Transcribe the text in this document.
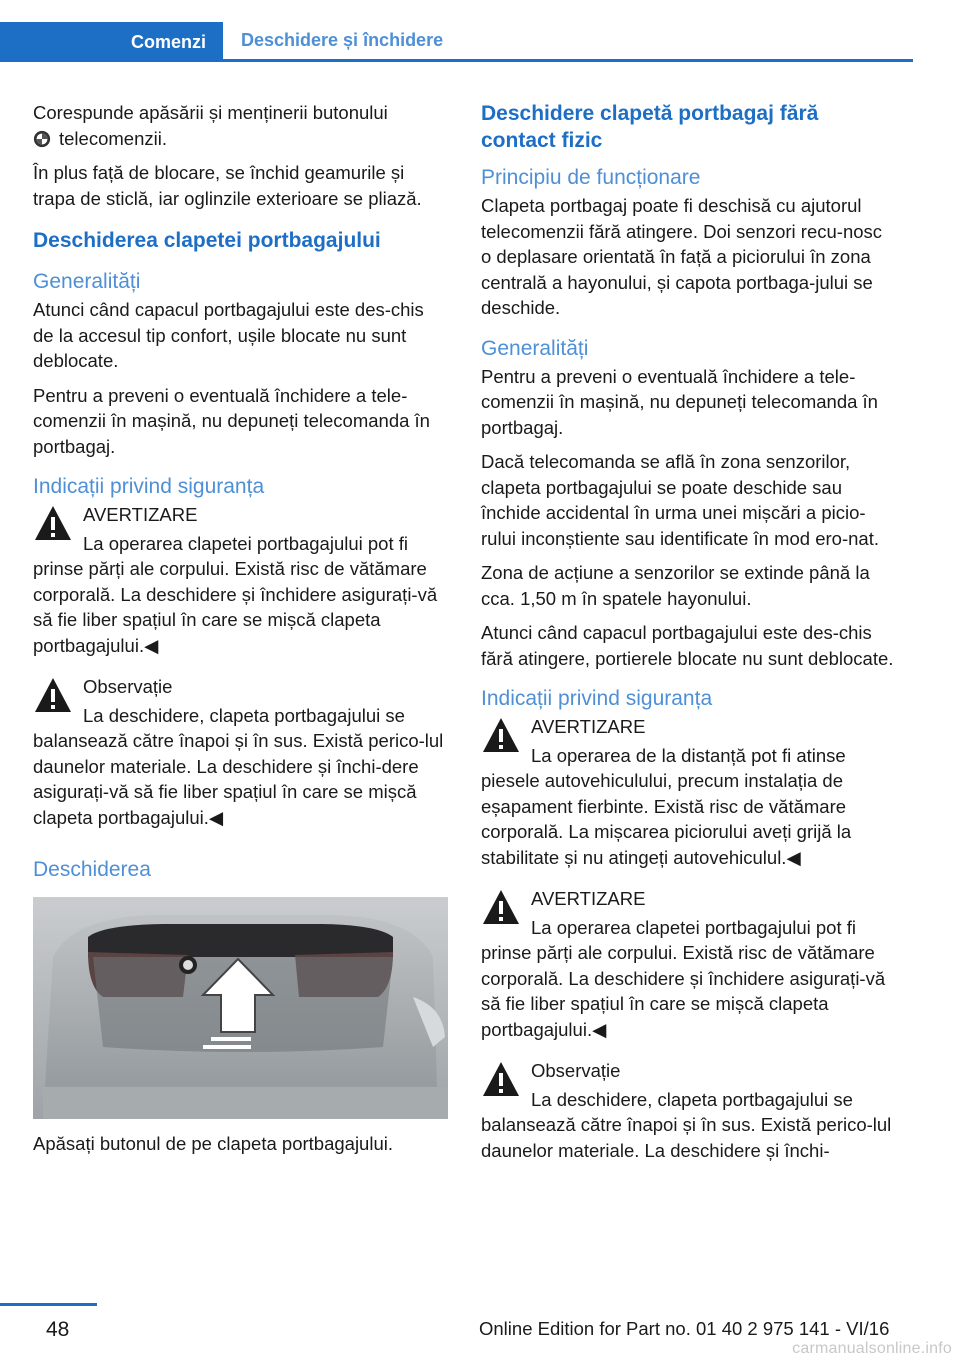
Comenzi	Deschidere și închidere

Corespunde apăsării și menținerii butonului
telecomenzii.

În plus față de blocare, se închid geamurile și trapa de sticlă, iar oglinzile exterioare se pliază.

Deschiderea clapetei portbagajului
Generalități

Atunci când capacul portbagajului este des‐chis de la accesul tip confort, ușile blocate nu sunt deblocate.

Pentru a preveni o eventuală închidere a tele‐comenzii în mașină, nu depuneți telecomanda în portbagaj.

Indicații privind siguranța

AVERTIZARE

La operarea clapetei portbagajului pot fi

prinse părți ale corpului. Există risc de vătămare corporală. La deschidere și închidere asigurați-vă să fie liber spațiul în care se mișcă clapeta portbagajului.◀

Observație

La deschidere, clapeta portbagajului se

balansează către înapoi și în sus. Există perico‐lul daunelor materiale. La deschidere și închi‐dere asigurați-vă să fie liber spațiul în care se mișcă clapeta portbagajului.◀

Deschiderea

Apăsați butonul de pe clapeta portbagajului.

Deschidere clapetă portbagaj fără contact fizic
Principiu de funcționare

Clapeta portbagaj poate fi deschisă cu ajutorul telecomenzii fără atingere. Doi senzori recu‐nosc o deplasare orientată în față a piciorului în zona centrală a hayonului, și capota portbaga‐jului se deschide.

Generalități

Pentru a preveni o eventuală închidere a tele‐comenzii în mașină, nu depuneți telecomanda în portbagaj.

Dacă telecomanda se află în zona senzorilor, clapeta portbagajului se poate deschide sau închide accidental în urma unei mișcări a picio‐rului inconștiente sau identificate în mod ero‐nat.

Zona de acțiune a senzorilor se extinde până la cca. 1,50 m în spatele hayonului.

Atunci când capacul portbagajului este des‐chis fără atingere, portierele blocate nu sunt deblocate.

Indicații privind siguranța

AVERTIZARE

La operarea de la distanță pot fi atinse

piesele autovehiculului, precum instalația de eșapament fierbinte. Există risc de vătămare corporală. La mișcarea piciorului aveți grijă la stabilitate și nu atingeți autovehiculul.◀

AVERTIZARE

La operarea clapetei portbagajului pot fi

prinse părți ale corpului. Există risc de vătămare corporală. La deschidere și închidere asigurați-vă să fie liber spațiul în care se mișcă clapeta portbagajului.◀

Observație

La deschidere, clapeta portbagajului se

balansează către înapoi și în sus. Există perico‐lul daunelor materiale. La deschidere și închi‐

48	Online Edition for Part no. 01 40 2 975 141 - VI/16
carmanualsonline.info
